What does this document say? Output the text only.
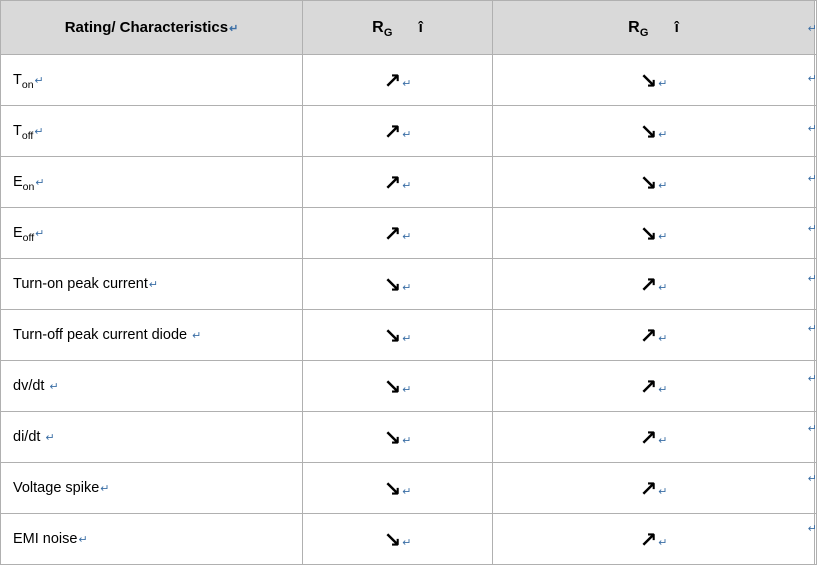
Rating/ Characteristics↵	$R_G$ î	$R_G$ î	

$T_{on}↵$	↗↵	↘↵	
$T_{off}↵$	↗↵	↘↵	
$E_{on}↵$	↗↵	↘↵	
$E_{off}↵$	↗↵	↘↵	
Turn-on peak current↵	↘↵	↗↵	
Turn-off peak current diode ↵	↘↵	↗↵	
dv/dt ↵	↘↵	↗↵	
di/dt ↵	↘↵	↗↵	
Voltage spike↵	↘↵	↗↵	
EMI noise↵	↘↵	↗↵	
↵
↵
↵
↵
↵
↵
↵
↵
↵
↵
↵
